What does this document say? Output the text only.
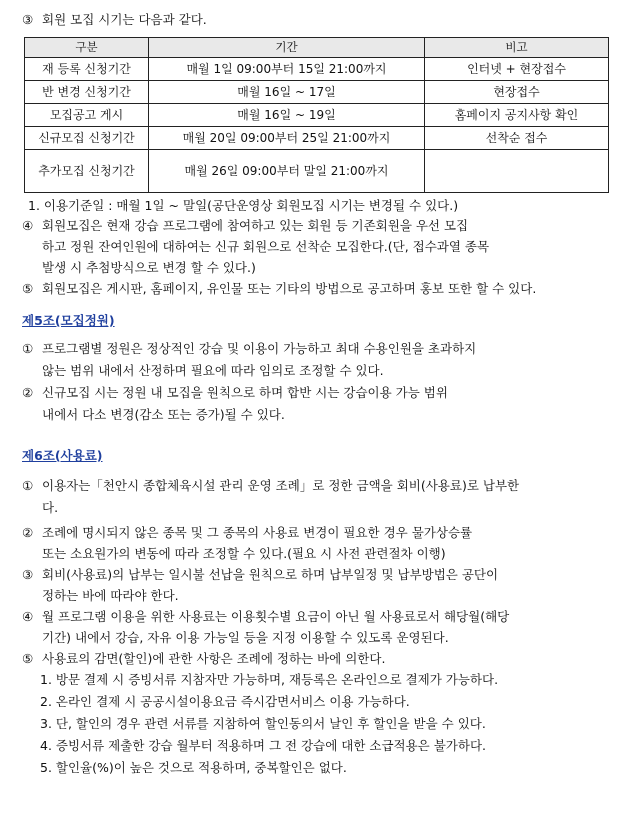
③ 회원 모집 시기는 다음과 같다.
구분	기간	비고
재 등록 신청기간	매월 1일 09:00부터 15일 21:00까지	인터넷 + 현장접수
반 변경 신청기간	매월 16일 ~ 17일	현장접수
모집공고 게시	매월 16일 ~ 19일	홈페이지 공지사항 확인
신규모집 신청기간	매월 20일 09:00부터 25일 21:00까지	선착순 접수
추가모집 신청기간	매월 26일 09:00부터 말일 21:00까지	
1. 이용기준일 : 매월 1일 ~ 말일(공단운영상 회원모집 시기는 변경될 수 있다.)
④ 회원모집은 현재 강습 프로그램에 참여하고 있는 회원 등 기존회원을 우선 모집
하고 정원 잔여인원에 대하여는 신규 회원으로 선착순 모집한다.(단, 접수과열 종목
발생 시 추첨방식으로 변경 할 수 있다.)
⑤ 회원모집은 게시판, 홈페이지, 유인물 또는 기타의 방법으로 공고하며 홍보 또한 할 수 있다.
제5조(모집정원)
① 프로그램별 정원은 정상적인 강습 및 이용이 가능하고 최대 수용인원을 초과하지
않는 범위 내에서 산정하며 필요에 따라 임의로 조정할 수 있다.
② 신규모집 시는 정원 내 모집을 원칙으로 하며 합반 시는 강습이용 가능 범위
내에서 다소 변경(감소 또는 증가)될 수 있다.
제6조(사용료)
① 이용자는「천안시 종합체육시설 관리 운영 조례」로 정한 금액을 회비(사용료)로 납부한
다.
② 조례에 명시되지 않은 종목 및 그 종목의 사용료 변경이 필요한 경우 물가상승률
또는 소요원가의 변동에 따라 조정할 수 있다.(필요 시 사전 관련절차 이행)
③ 회비(사용료)의 납부는 일시불 선납을 원칙으로 하며 납부일정 및 납부방법은 공단이
정하는 바에 따라야 한다.
④ 월 프로그램 이용을 위한 사용료는 이용횟수별 요금이 아닌 월 사용료로서 해당월(해당
기간) 내에서 강습, 자유 이용 가능일 등을 지정 이용할 수 있도록 운영된다.
⑤ 사용료의 감면(할인)에 관한 사항은 조례에 정하는 바에 의한다.
1. 방문 결제 시 증빙서류 지참자만 가능하며, 재등록은 온라인으로 결제가 가능하다.
2. 온라인 결제 시 공공시설이용요금 즉시감면서비스 이용 가능하다.
3. 단, 할인의 경우 관련 서류를 지참하여 할인동의서 날인 후 할인을 받을 수 있다.
4. 증빙서류 제출한 강습 월부터 적용하며 그 전 강습에 대한 소급적용은 불가하다.
5. 할인율(%)이 높은 것으로 적용하며, 중복할인은 없다.
